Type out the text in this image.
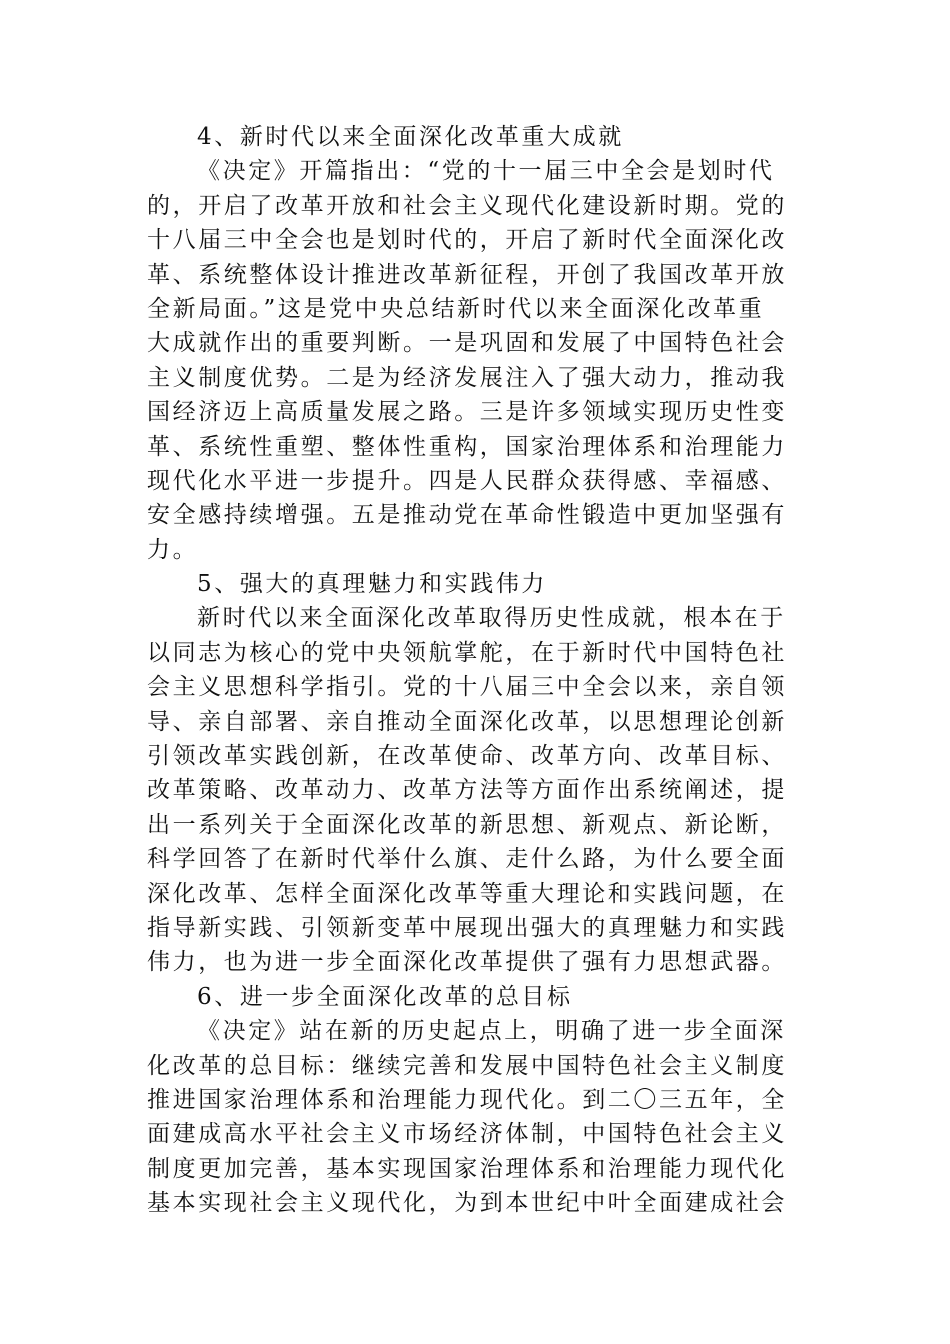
4、新时代以来全面深化改革重大成就
《决定》开篇指出：“党的十一届三中全会是划时代
的，开启了改革开放和社会主义现代化建设新时期。党的
十八届三中全会也是划时代的，开启了新时代全面深化改
革、系统整体设计推进改革新征程，开创了我国改革开放
全新局面。”这是党中央总结新时代以来全面深化改革重
大成就作出的重要判断。一是巩固和发展了中国特色社会
主义制度优势。二是为经济发展注入了强大动力，推动我
国经济迈上高质量发展之路。三是许多领域实现历史性变
革、系统性重塑、整体性重构，国家治理体系和治理能力
现代化水平进一步提升。四是人民群众获得感、幸福感、
安全感持续增强。五是推动党在革命性锻造中更加坚强有
力。
5、强大的真理魅力和实践伟力
新时代以来全面深化改革取得历史性成就，根本在于
以同志为核心的党中央领航掌舵，在于新时代中国特色社
会主义思想科学指引。党的十八届三中全会以来，亲自领
导、亲自部署、亲自推动全面深化改革，以思想理论创新
引领改革实践创新，在改革使命、改革方向、改革目标、
改革策略、改革动力、改革方法等方面作出系统阐述，提
出一系列关于全面深化改革的新思想、新观点、新论断，
科学回答了在新时代举什么旗、走什么路，为什么要全面
深化改革、怎样全面深化改革等重大理论和实践问题，在
指导新实践、引领新变革中展现出强大的真理魅力和实践
伟力，也为进一步全面深化改革提供了强有力思想武器。
6、进一步全面深化改革的总目标
《决定》站在新的历史起点上，明确了进一步全面深
化改革的总目标：继续完善和发展中国特色社会主义制度
推进国家治理体系和治理能力现代化。到二〇三五年，全
面建成高水平社会主义市场经济体制，中国特色社会主义
制度更加完善，基本实现国家治理体系和治理能力现代化
基本实现社会主义现代化，为到本世纪中叶全面建成社会
